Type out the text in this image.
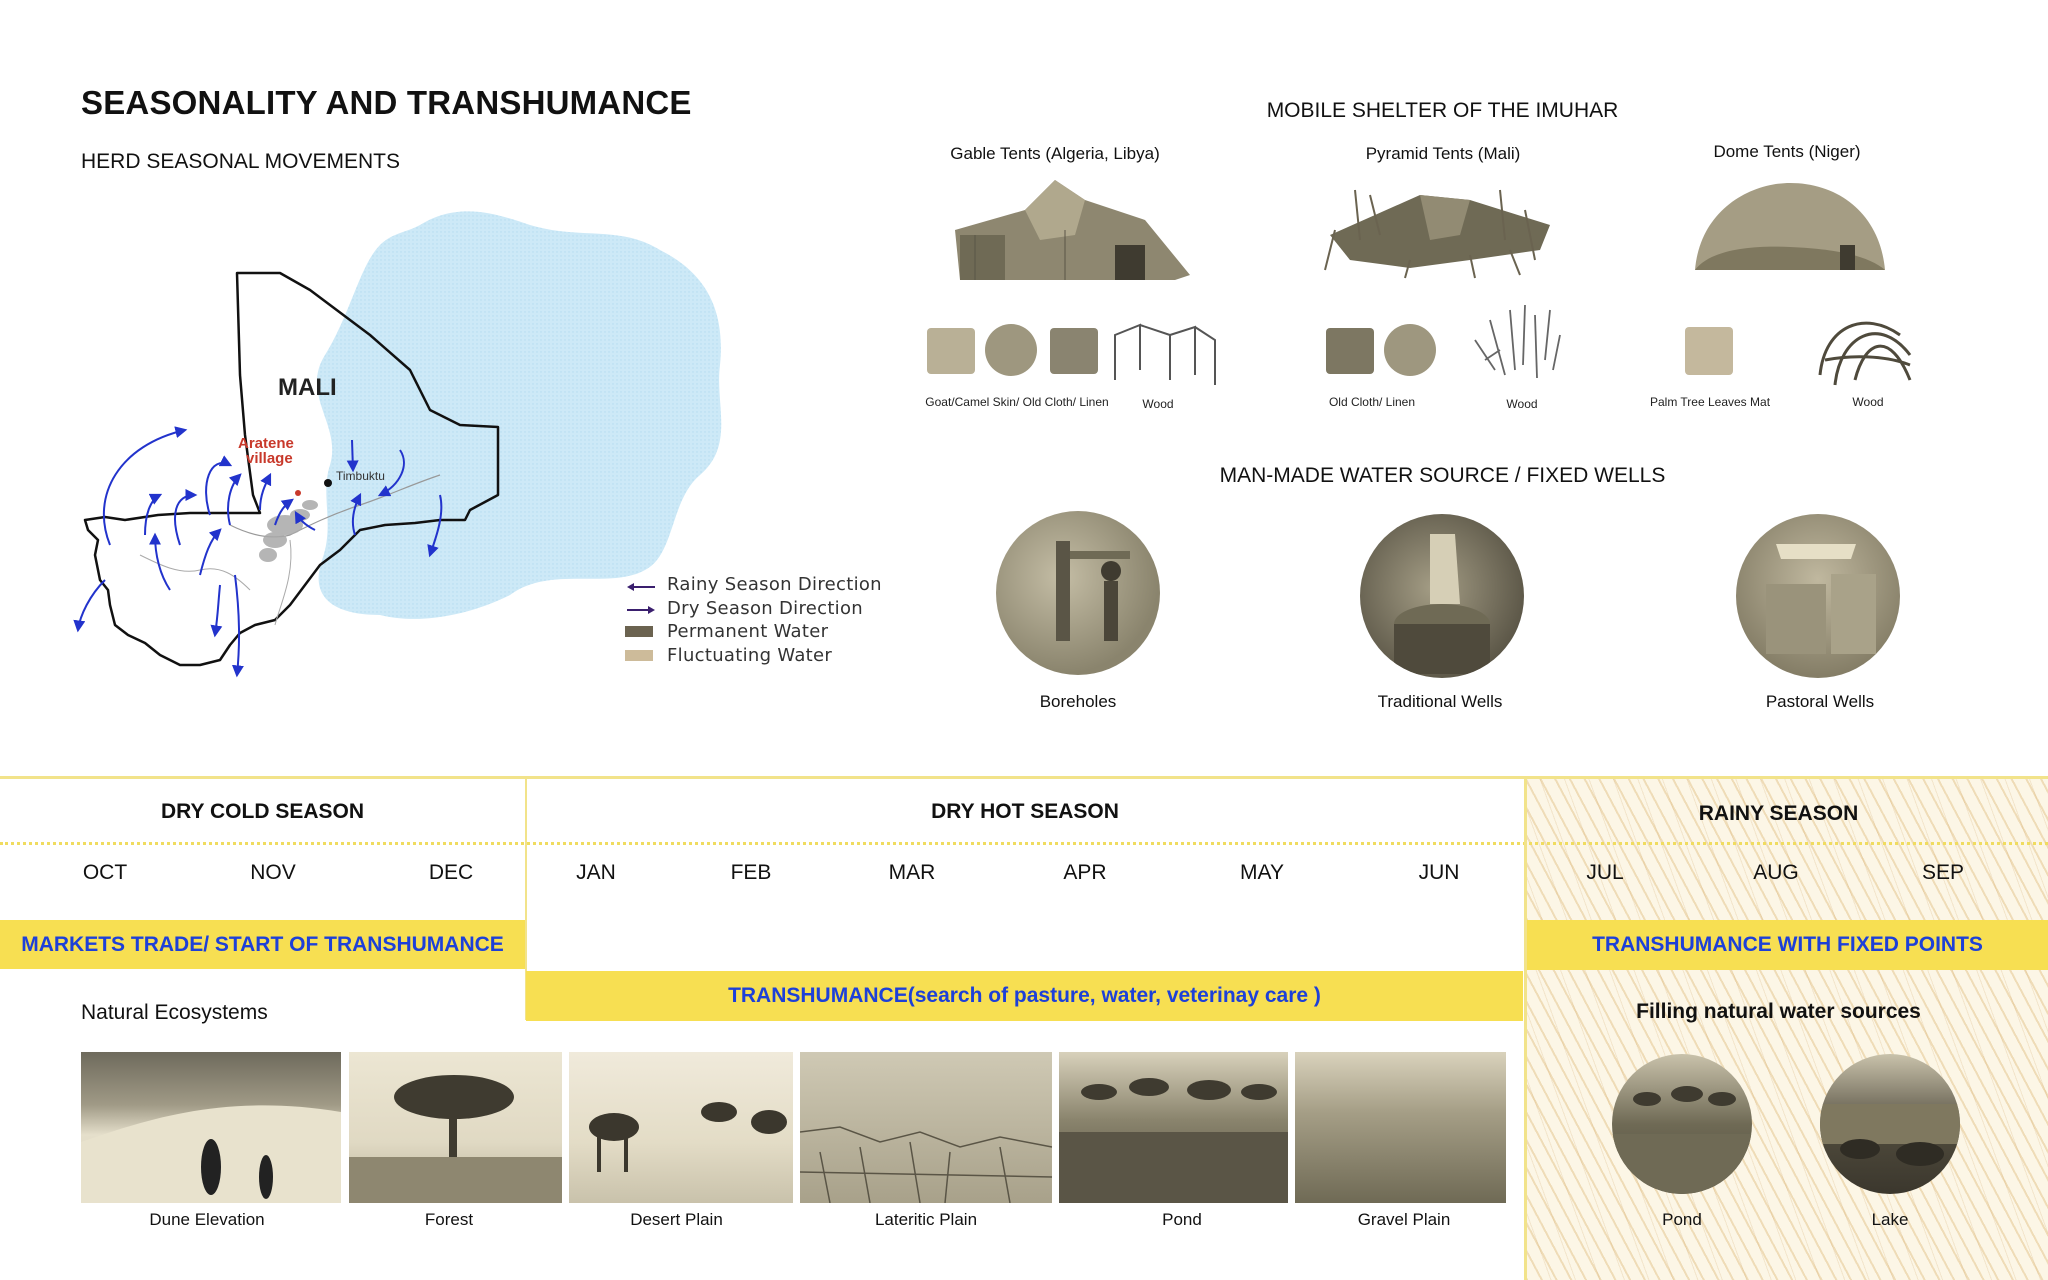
SEASONALITY AND TRANSHUMANCE
HERD SEASONAL MOVEMENTS
MALI
Aratene
village
Timbuktu
Rainy Season Direction
Dry Season Direction
Permanent Water
Fluctuating Water
MOBILE SHELTER OF THE IMUHAR
Gable Tents (Algeria, Libya)	Pyramid Tents (Mali)	Dome Tents (Niger)
Goat/Camel Skin/ Old Cloth/ Linen	Wood	Old Cloth/ Linen	Wood	Palm Tree Leaves Mat	Wood
MAN-MADE WATER SOURCE / FIXED WELLS
Boreholes	Traditional Wells	Pastoral Wells
DRY COLD SEASON	DRY HOT SEASON	RAINY SEASON
OCT	NOV	DEC	JAN	FEB	MAR	APR	MAY	JUN	JUL	AUG	SEP
MARKETS TRADE/ START OF TRANSHUMANCE
TRANSHUMANCE(search of pasture, water, veterinay care )
TRANSHUMANCE WITH FIXED POINTS
Natural Ecosystems
Dune Elevation	Forest	Desert Plain	Lateritic Plain	Pond	Gravel Plain
Filling natural water sources
Pond	Lake
